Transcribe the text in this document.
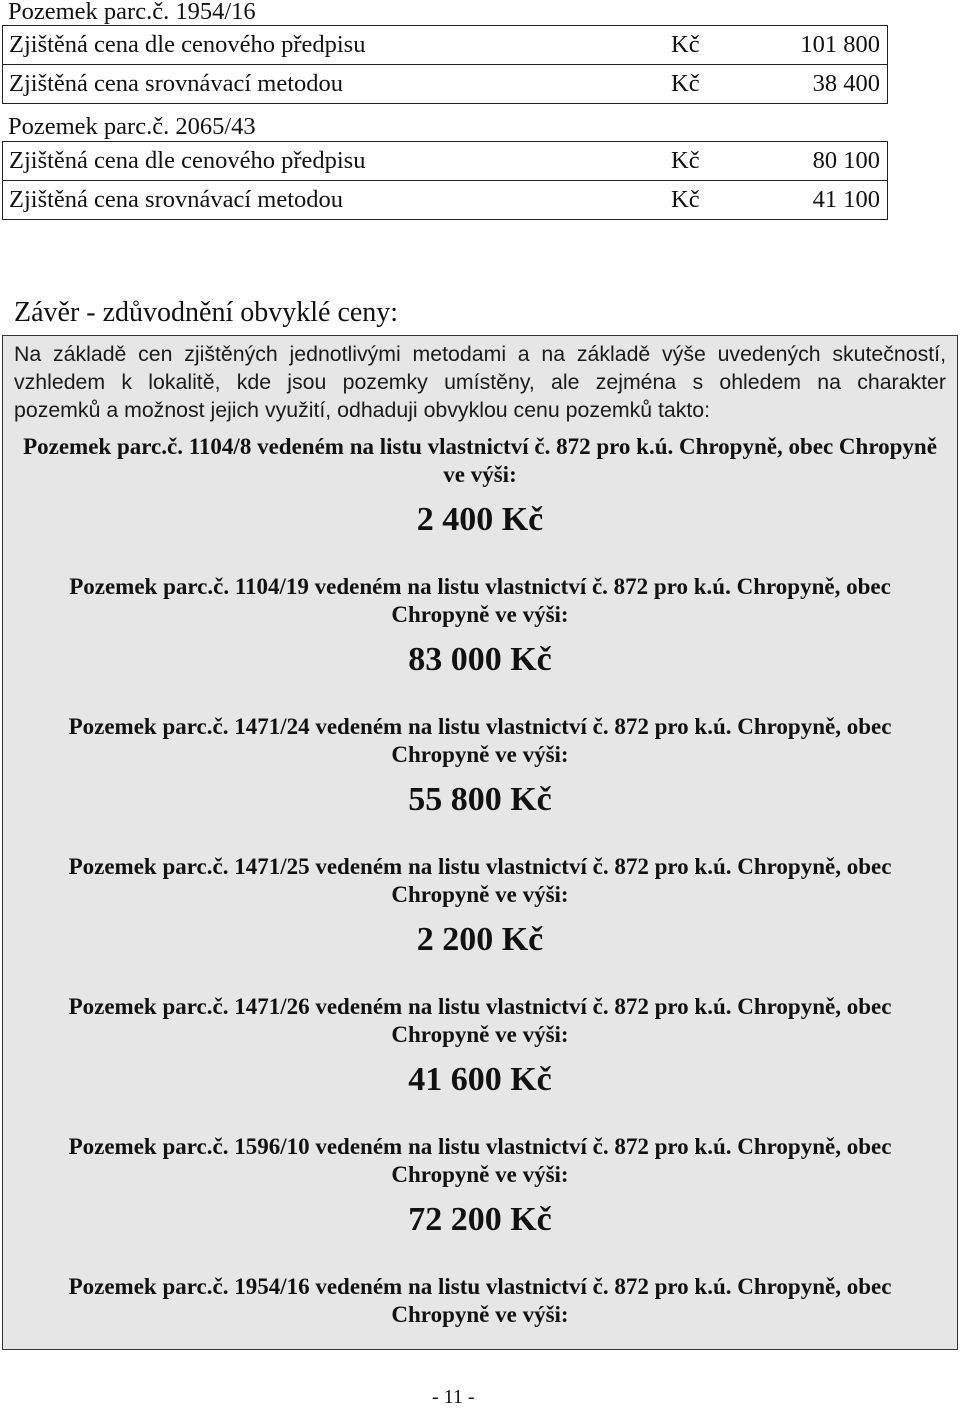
Pozemek parc.č. 1954/16
Zjištěná cena dle cenového předpisu	Kč	101 800
Zjištěná cena srovnávací metodou	Kč	38 400
Pozemek parc.č. 2065/43
Zjištěná cena dle cenového předpisu	Kč	80 100
Zjištěná cena srovnávací metodou	Kč	41 100
Závěr - zdůvodnění obvyklé ceny:
Na základě cen zjištěných jednotlivými metodami a na základě výše uvedených skutečností,
vzhledem k lokalitě, kde jsou pozemky umístěny, ale zejména s ohledem na charakter
pozemků a možnost jejich využití, odhaduji obvyklou cenu pozemků takto:
Pozemek parc.č. 1104/8 vedeném na listu vlastnictví č. 872 pro k.ú. Chropyně, obec Chropyně
ve výši:
2 400 Kč
Pozemek parc.č. 1104/19 vedeném na listu vlastnictví č. 872 pro k.ú. Chropyně, obec
Chropyně ve výši:
83 000 Kč
Pozemek parc.č. 1471/24 vedeném na listu vlastnictví č. 872 pro k.ú. Chropyně, obec
Chropyně ve výši:
55 800 Kč
Pozemek parc.č. 1471/25 vedeném na listu vlastnictví č. 872 pro k.ú. Chropyně, obec
Chropyně ve výši:
2 200 Kč
Pozemek parc.č. 1471/26 vedeném na listu vlastnictví č. 872 pro k.ú. Chropyně, obec
Chropyně ve výši:
41 600 Kč
Pozemek parc.č. 1596/10 vedeném na listu vlastnictví č. 872 pro k.ú. Chropyně, obec
Chropyně ve výši:
72 200 Kč
Pozemek parc.č. 1954/16 vedeném na listu vlastnictví č. 872 pro k.ú. Chropyně, obec
Chropyně ve výši:
- 11 -
